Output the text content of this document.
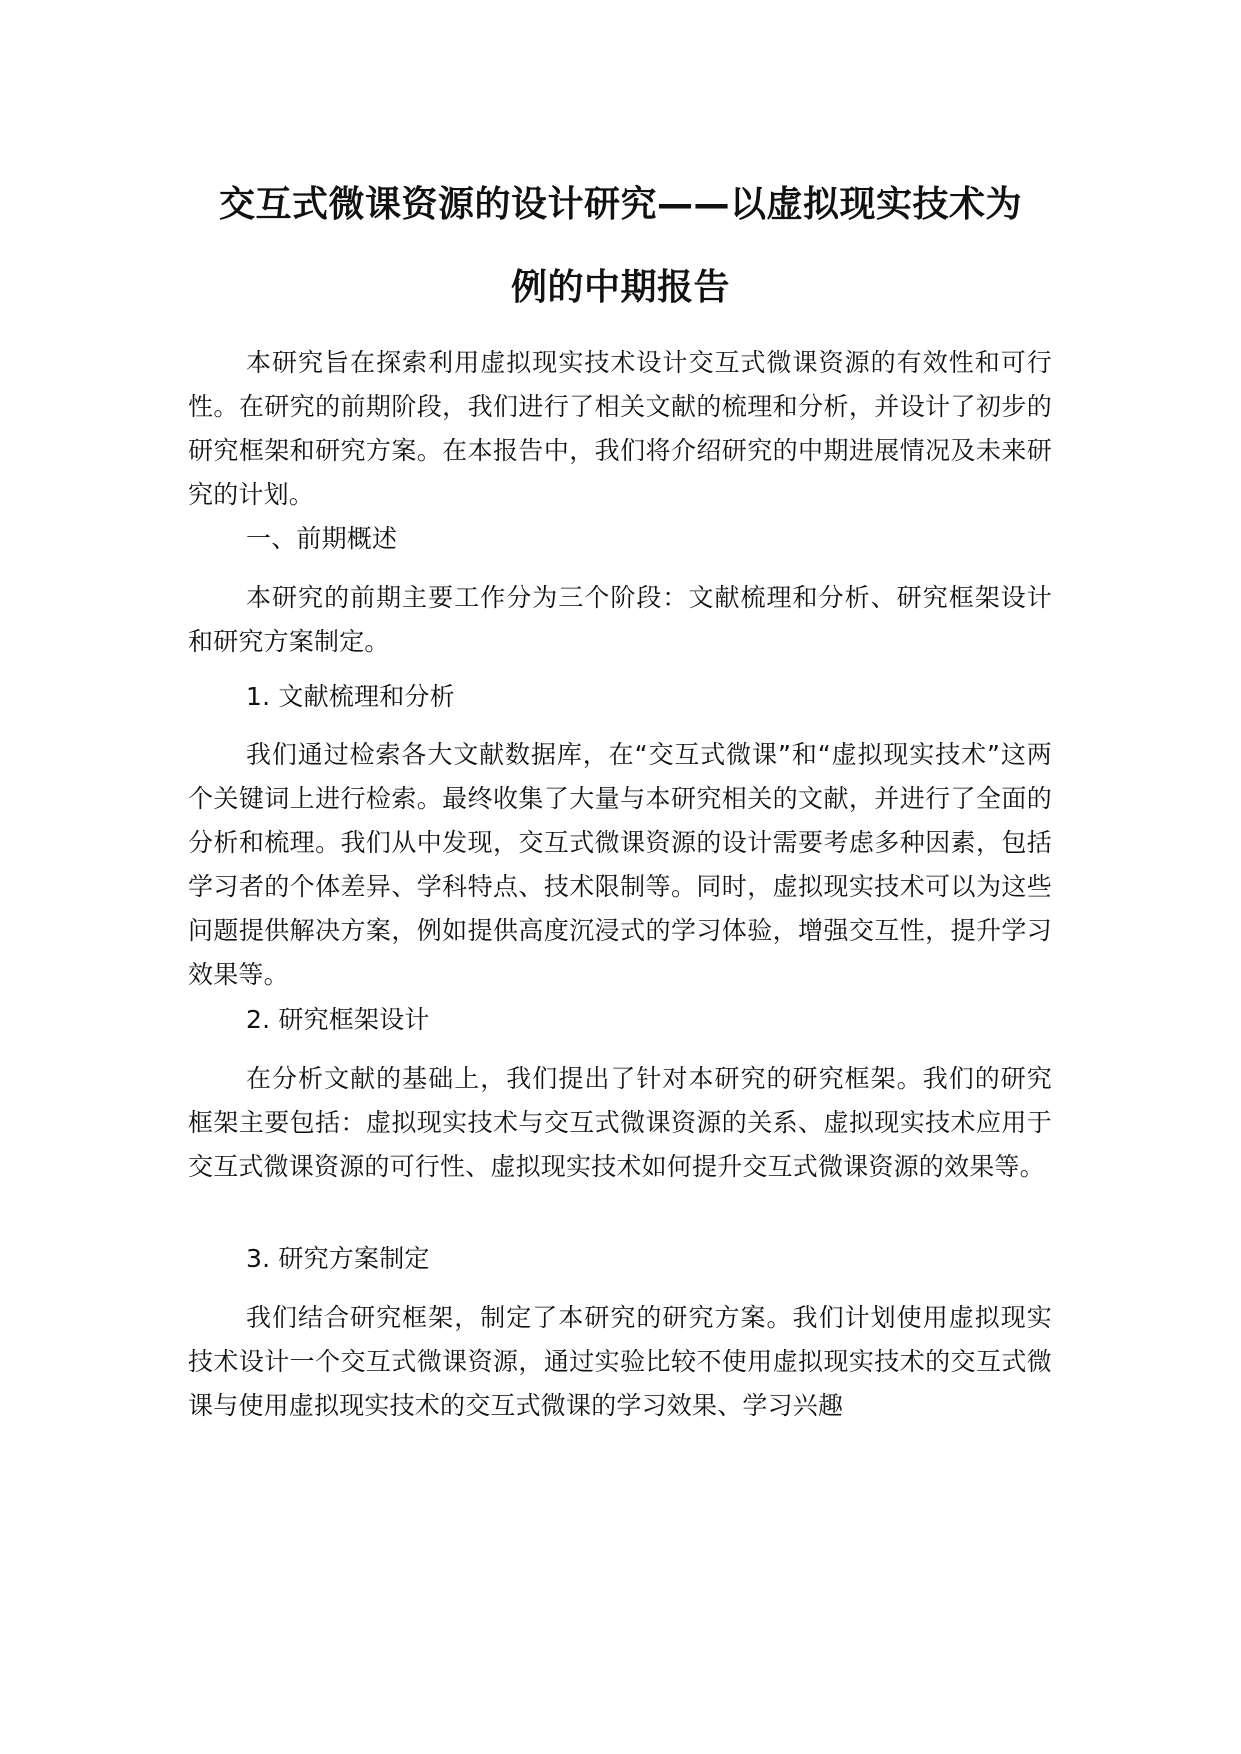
交互式微课资源的设计研究——以虚拟现实技术为
例的中期报告

本研究旨在探索利用虚拟现实技术设计交互式微课资源的有效性和可行性。在研究的前期阶段，我们进行了相关文献的梳理和分析，并设计了初步的研究框架和研究方案。在本报告中，我们将介绍研究的中期进展情况及未来研究的计划。

一、前期概述

本研究的前期主要工作分为三个阶段：文献梳理和分析、研究框架设计和研究方案制定。

1. 文献梳理和分析

我们通过检索各大文献数据库，在“交互式微课”和“虚拟现实技术”这两个关键词上进行检索。最终收集了大量与本研究相关的文献，并进行了全面的分析和梳理。我们从中发现，交互式微课资源的设计需要考虑多种因素，包括学习者的个体差异、学科特点、技术限制等。同时，虚拟现实技术可以为这些问题提供解决方案，例如提供高度沉浸式的学习体验，增强交互性，提升学习效果等。

2. 研究框架设计

在分析文献的基础上，我们提出了针对本研究的研究框架。我们的研究框架主要包括：虚拟现实技术与交互式微课资源的关系、虚拟现实技术应用于交互式微课资源的可行性、虚拟现实技术如何提升交互式微课资源的效果等。

3. 研究方案制定

我们结合研究框架，制定了本研究的研究方案。我们计划使用虚拟现实技术设计一个交互式微课资源，通过实验比较不使用虚拟现实技术的交互式微课与使用虚拟现实技术的交互式微课的学习效果、学习兴趣
